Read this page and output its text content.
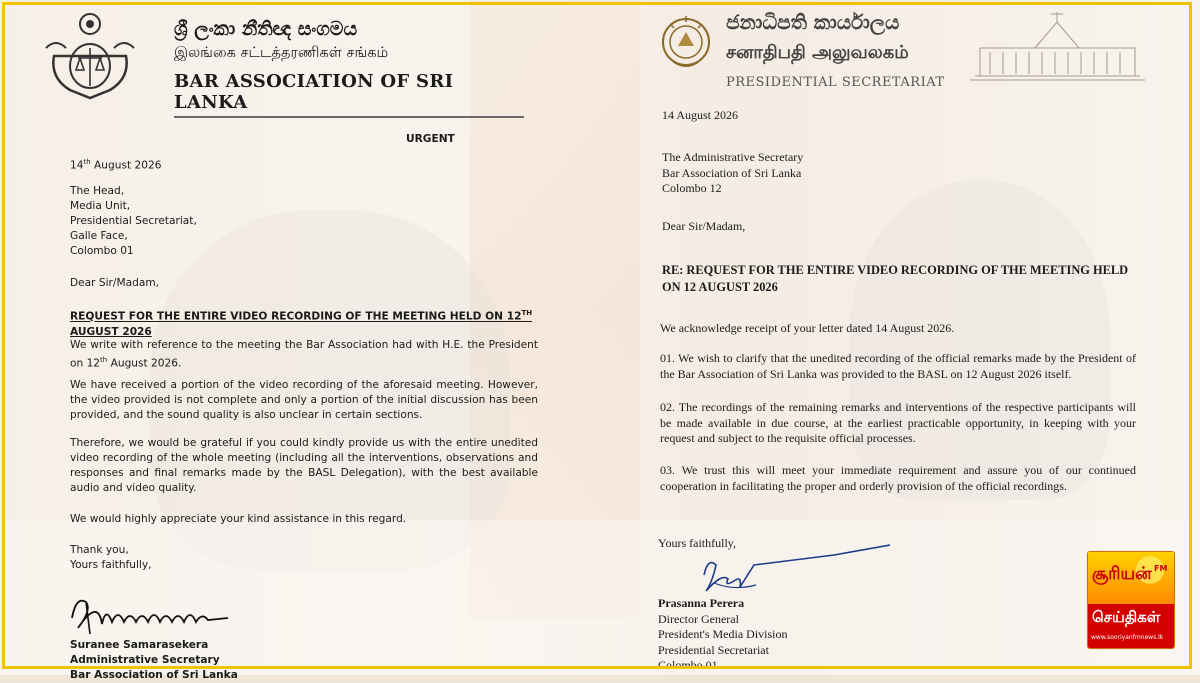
ශ්‍රී ලංකා නීතිඥ සංගමය

இலங்கை சட்டத்தரணிகள் சங்கம்

BAR ASSOCIATION OF SRI LANKA

URGENT

14th August 2026

The Head,
Media Unit,
Presidential Secretariat,
Galle Face,
Colombo 01

Dear Sir/Madam,

REQUEST FOR THE ENTIRE VIDEO RECORDING OF THE MEETING HELD ON 12TH AUGUST 2026

We write with reference to the meeting the Bar Association had with H.E. the President on 12th August 2026.

We have received a portion of the video recording of the aforesaid meeting. However, the video provided is not complete and only a portion of the initial discussion has been provided, and the sound quality is also unclear in certain sections.

Therefore, we would be grateful if you could kindly provide us with the entire unedited video recording of the whole meeting (including all the interventions, observations and responses and final remarks made by the BASL Delegation), with the best available audio and video quality.

We would highly appreciate your kind assistance in this regard.

Thank you,
Yours faithfully,
Suranee Samarasekera
Administrative Secretary
Bar Association of Sri Lanka

ජනාධිපති කාර්යාලය

சனாதிபதி அலுவலகம்

PRESIDENTIAL SECRETARIAT

14 August 2026

The Administrative Secretary
Bar Association of Sri Lanka
Colombo 12

Dear Sir/Madam,

RE: REQUEST FOR THE ENTIRE VIDEO RECORDING OF THE MEETING HELD ON 12 AUGUST 2026

We acknowledge receipt of your letter dated 14 August 2026.

01. We wish to clarify that the unedited recording of the official remarks made by the President of the Bar Association of Sri Lanka was provided to the BASL on 12 August 2026 itself.

02. The recordings of the remaining remarks and interventions of the respective participants will be made available in due course, at the earliest practicable opportunity, in keeping with your request and subject to the requisite official processes.

03. We trust this will meet your immediate requirement and assure you of our continued cooperation in facilitating the proper and orderly provision of the official recordings.

Yours faithfully,

Prasanna Perera
Director General
President's Media Division
Presidential Secretariat
Colombo 01
சூரியன் FM
செய்திகள்
www.sooriyanfmnews.lk
